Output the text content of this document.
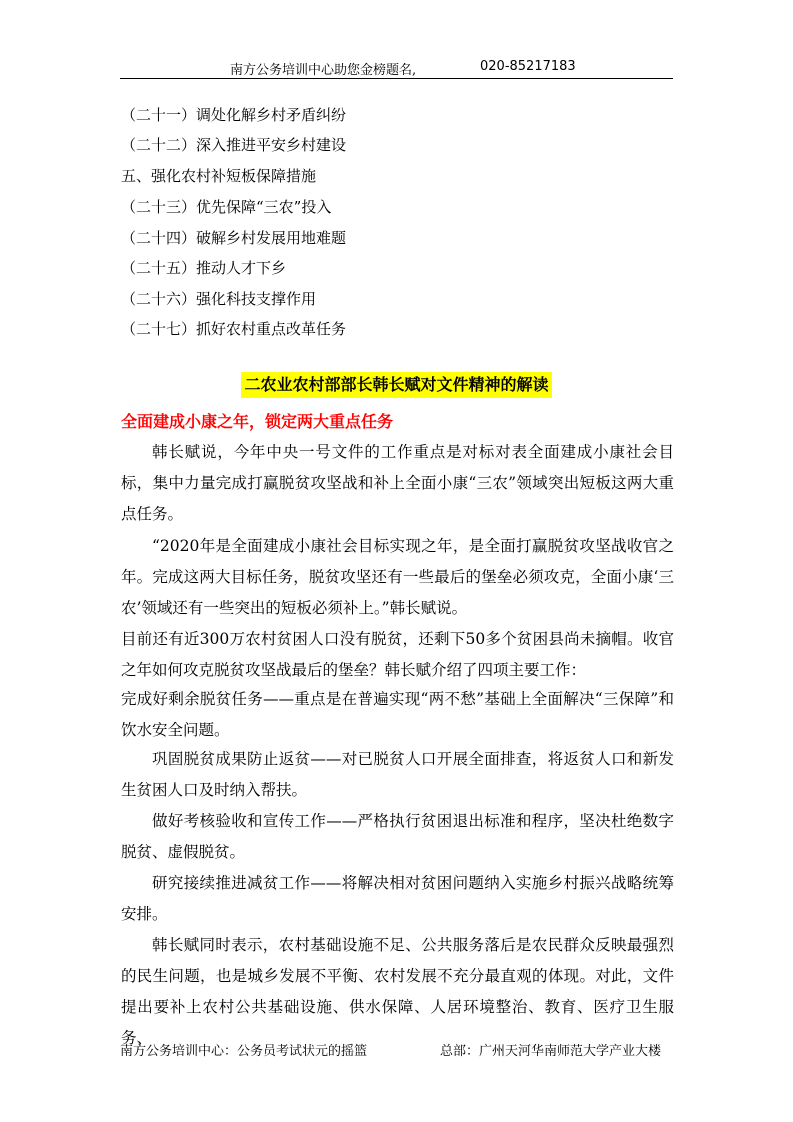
南方公务培训中心助您金榜题名,	020-85217183
（二十一）调处化解乡村矛盾纠纷
（二十二）深入推进平安乡村建设
五、强化农村补短板保障措施
（二十三）优先保障“三农”投入
（二十四）破解乡村发展用地难题
（二十五）推动人才下乡
（二十六）强化科技支撑作用
（二十七）抓好农村重点改革任务
二农业农村部部长韩长赋对文件精神的解读
全面建成小康之年，锁定两大重点任务
韩长赋说，今年中央一号文件的工作重点是对标对表全面建成小康社会目标，集中力量完成打赢脱贫攻坚战和补上全面小康“三农”领域突出短板这两大重点任务。
“2020年是全面建成小康社会目标实现之年，是全面打赢脱贫攻坚战收官之年。完成这两大目标任务，脱贫攻坚还有一些最后的堡垒必须攻克，全面小康‘三农’领域还有一些突出的短板必须补上。”韩长赋说。
目前还有近300万农村贫困人口没有脱贫，还剩下50多个贫困县尚未摘帽。收官之年如何攻克脱贫攻坚战最后的堡垒？韩长赋介绍了四项主要工作：
完成好剩余脱贫任务——重点是在普遍实现“两不愁”基础上全面解决“三保障”和饮水安全问题。
巩固脱贫成果防止返贫——对已脱贫人口开展全面排查，将返贫人口和新发生贫困人口及时纳入帮扶。
做好考核验收和宣传工作——严格执行贫困退出标准和程序，坚决杜绝数字脱贫、虚假脱贫。
研究接续推进减贫工作——将解决相对贫困问题纳入实施乡村振兴战略统筹安排。
韩长赋同时表示，农村基础设施不足、公共服务落后是农民群众反映最强烈的民生问题，也是城乡发展不平衡、农村发展不充分最直观的体现。对此，文件提出要补上农村公共基础设施、供水保障、人居环境整治、教育、医疗卫生服务、
南方公务培训中心：公务员考试状元的摇篮	总部：广州天河华南师范大学产业大楼
